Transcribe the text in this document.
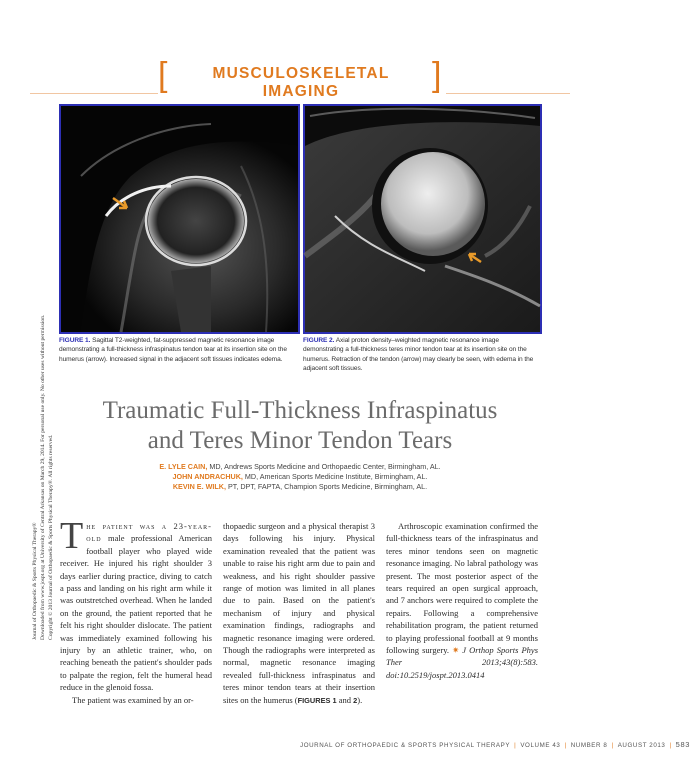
[	MUSCULOSKELETAL IMAGING	]
FIGURE 1. Sagittal T2-weighted, fat-suppressed magnetic resonance image demonstrating a full-thickness infraspinatus tendon tear at its insertion site on the humerus (arrow). Increased signal in the adjacent soft tissues indicates edema.
FIGURE 2. Axial proton density–weighted magnetic resonance image demonstrating a full-thickness teres minor tendon tear at its insertion site on the humerus. Retraction of the tendon (arrow) may clearly be seen, with edema in the adjacent soft tissues.
Journal of Orthopaedic & Sports Physical Therapy® Downloaded from www.jospt.org at University of Central Arkansas on March 29, 2014. For personal use only. No other uses without permission. Copyright © 2013 Journal of Orthopaedic & Sports Physical Therapy®. All rights reserved.
Traumatic Full-Thickness Infraspinatus
and Teres Minor Tendon Tears
E. LYLE CAIN, MD, Andrews Sports Medicine and Orthopaedic Center, Birmingham, AL.
JOHN ANDRACHUK, MD, American Sports Medicine Institute, Birmingham, AL.
KEVIN E. WILK, PT, DPT, FAPTA, Champion Sports Medicine, Birmingham, AL.

The patient was a 23-year-old male professional American football player who played wide receiver. He injured his right shoulder 3 days earlier during practice, diving to catch a pass and landing on his right arm while it was outstretched overhead. When he landed on the ground, the patient reported that he felt his right shoulder dislocate. The patient was immediately examined following his injury by an athletic trainer, who, on reaching beneath the patient's shoulder pads to palpate the region, felt the humeral head reduce in the glenoid fossa.

The patient was examined by an or-

thopaedic surgeon and a physical therapist 3 days following his injury. Physical examination revealed that the patient was unable to raise his right arm due to pain and weakness, and his right shoulder passive range of motion was limited in all planes due to pain. Based on the patient's mechanism of injury and physical examination findings, radiographs and magnetic resonance imaging were ordered. Though the radiographs were interpreted as normal, magnetic resonance imaging revealed full-thickness infraspinatus and teres minor tendon tears at their insertion sites on the humerus (FIGURES 1 and 2).

Arthroscopic examination confirmed the full-thickness tears of the infraspinatus and teres minor tendons seen on magnetic resonance imaging. No labral pathology was present. The most posterior aspect of the tears required an open surgical approach, and 7 anchors were required to complete the repairs. Following a comprehensive rehabilitation program, the patient returned to playing professional football at 9 months following surgery. ✷ J Orthop Sports Phys Ther 2013;43(8):583. doi:10.2519/jospt.2013.0414

JOURNAL OF ORTHOPAEDIC & SPORTS PHYSICAL THERAPY | VOLUME 43 | NUMBER 8 | AUGUST 2013 | 583
